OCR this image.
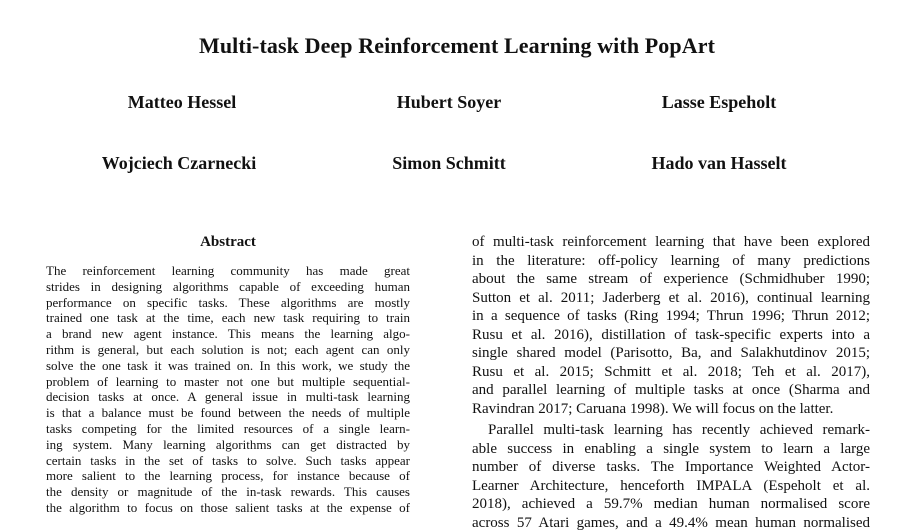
Multi-task Deep Reinforcement Learning with PopArt
Matteo Hessel	Hubert Soyer	Lasse Espeholt
Wojciech Czarnecki	Simon Schmitt	Hado van Hasselt
Abstract
The reinforcement learning community has made great
strides in designing algorithms capable of exceeding human
performance on specific tasks. These algorithms are mostly
trained one task at the time, each new task requiring to train
a brand new agent instance. This means the learning algo-
rithm is general, but each solution is not; each agent can only
solve the one task it was trained on. In this work, we study the
problem of learning to master not one but multiple sequential-
decision tasks at once. A general issue in multi-task learning
is that a balance must be found between the needs of multiple
tasks competing for the limited resources of a single learn-
ing system. Many learning algorithms can get distracted by
certain tasks in the set of tasks to solve. Such tasks appear
more salient to the learning process, for instance because of
the density or magnitude of the in-task rewards. This causes
the algorithm to focus on those salient tasks at the expense of
of multi-task reinforcement learning that have been explored
in the literature: off-policy learning of many predictions
about the same stream of experience (Schmidhuber 1990;
Sutton et al. 2011; Jaderberg et al. 2016), continual learning
in a sequence of tasks (Ring 1994; Thrun 1996; Thrun 2012;
Rusu et al. 2016), distillation of task-specific experts into a
single shared model (Parisotto, Ba, and Salakhutdinov 2015;
Rusu et al. 2015; Schmitt et al. 2018; Teh et al. 2017),
and parallel learning of multiple tasks at once (Sharma and
Ravindran 2017; Caruana 1998). We will focus on the latter.
Parallel multi-task learning has recently achieved remark-
able success in enabling a single system to learn a large
number of diverse tasks. The Importance Weighted Actor-
Learner Architecture, henceforth IMPALA (Espeholt et al.
2018), achieved a 59.7% median human normalised score
across 57 Atari games, and a 49.4% mean human normalised
